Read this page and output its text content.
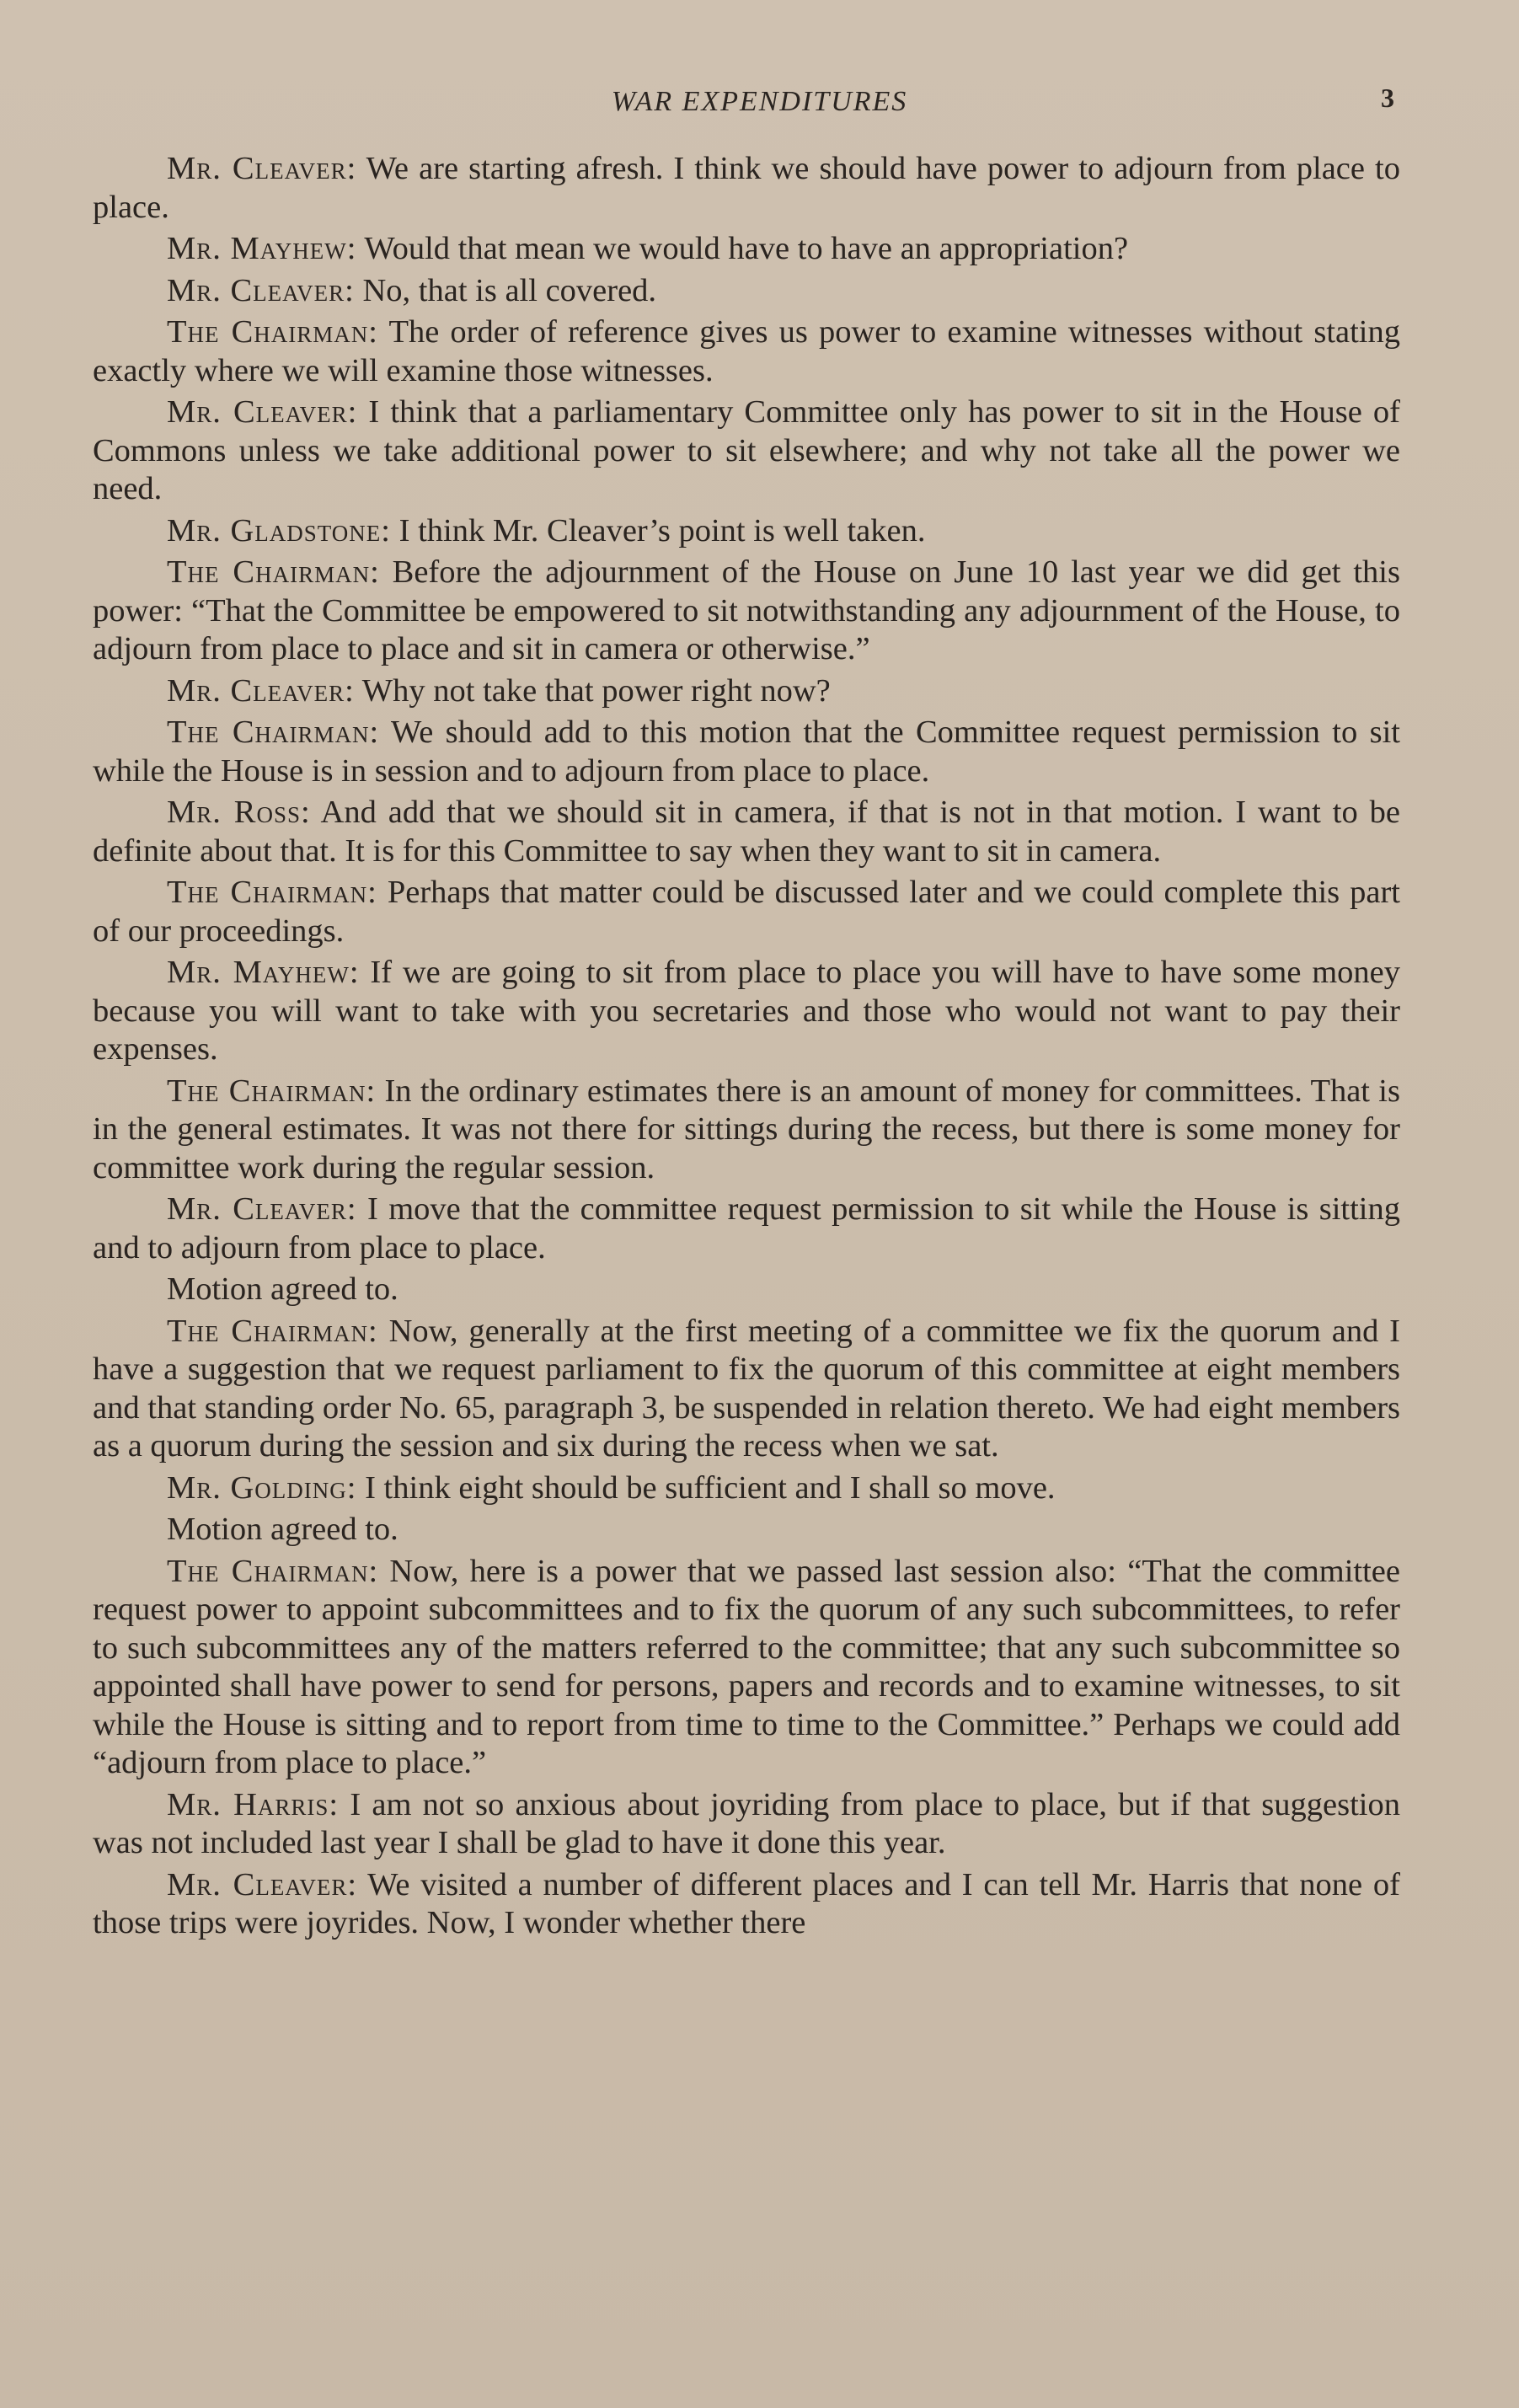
WAR EXPENDITURES	3

Mr. Cleaver: We are starting afresh. I think we should have power to adjourn from place to place.

Mr. Mayhew: Would that mean we would have to have an appropriation?

Mr. Cleaver: No, that is all covered.

The Chairman: The order of reference gives us power to examine witnesses without stating exactly where we will examine those witnesses.

Mr. Cleaver: I think that a parliamentary Committee only has power to sit in the House of Commons unless we take additional power to sit elsewhere; and why not take all the power we need.

Mr. Gladstone: I think Mr. Cleaver’s point is well taken.

The Chairman: Before the adjournment of the House on June 10 last year we did get this power: “That the Committee be empowered to sit notwithstanding any adjournment of the House, to adjourn from place to place and sit in camera or otherwise.”

Mr. Cleaver: Why not take that power right now?

The Chairman: We should add to this motion that the Committee request permission to sit while the House is in session and to adjourn from place to place.

Mr. Ross: And add that we should sit in camera, if that is not in that motion. I want to be definite about that. It is for this Committee to say when they want to sit in camera.

The Chairman: Perhaps that matter could be discussed later and we could complete this part of our proceedings.

Mr. Mayhew: If we are going to sit from place to place you will have to have some money because you will want to take with you secretaries and those who would not want to pay their expenses.

The Chairman: In the ordinary estimates there is an amount of money for committees. That is in the general estimates. It was not there for sittings during the recess, but there is some money for committee work during the regular session.

Mr. Cleaver: I move that the committee request permission to sit while the House is sitting and to adjourn from place to place.

Motion agreed to.

The Chairman: Now, generally at the first meeting of a committee we fix the quorum and I have a suggestion that we request parliament to fix the quorum of this committee at eight members and that standing order No. 65, paragraph 3, be suspended in relation thereto. We had eight members as a quorum during the session and six during the recess when we sat.

Mr. Golding: I think eight should be sufficient and I shall so move.

Motion agreed to.

The Chairman: Now, here is a power that we passed last session also: “That the committee request power to appoint subcommittees and to fix the quorum of any such subcommittees, to refer to such subcommittees any of the matters referred to the committee; that any such subcommittee so appointed shall have power to send for persons, papers and records and to examine witnesses, to sit while the House is sitting and to report from time to time to the Committee.” Perhaps we could add “adjourn from place to place.”

Mr. Harris: I am not so anxious about joyriding from place to place, but if that suggestion was not included last year I shall be glad to have it done this year.

Mr. Cleaver: We visited a number of different places and I can tell Mr. Harris that none of those trips were joyrides. Now, I wonder whether there
